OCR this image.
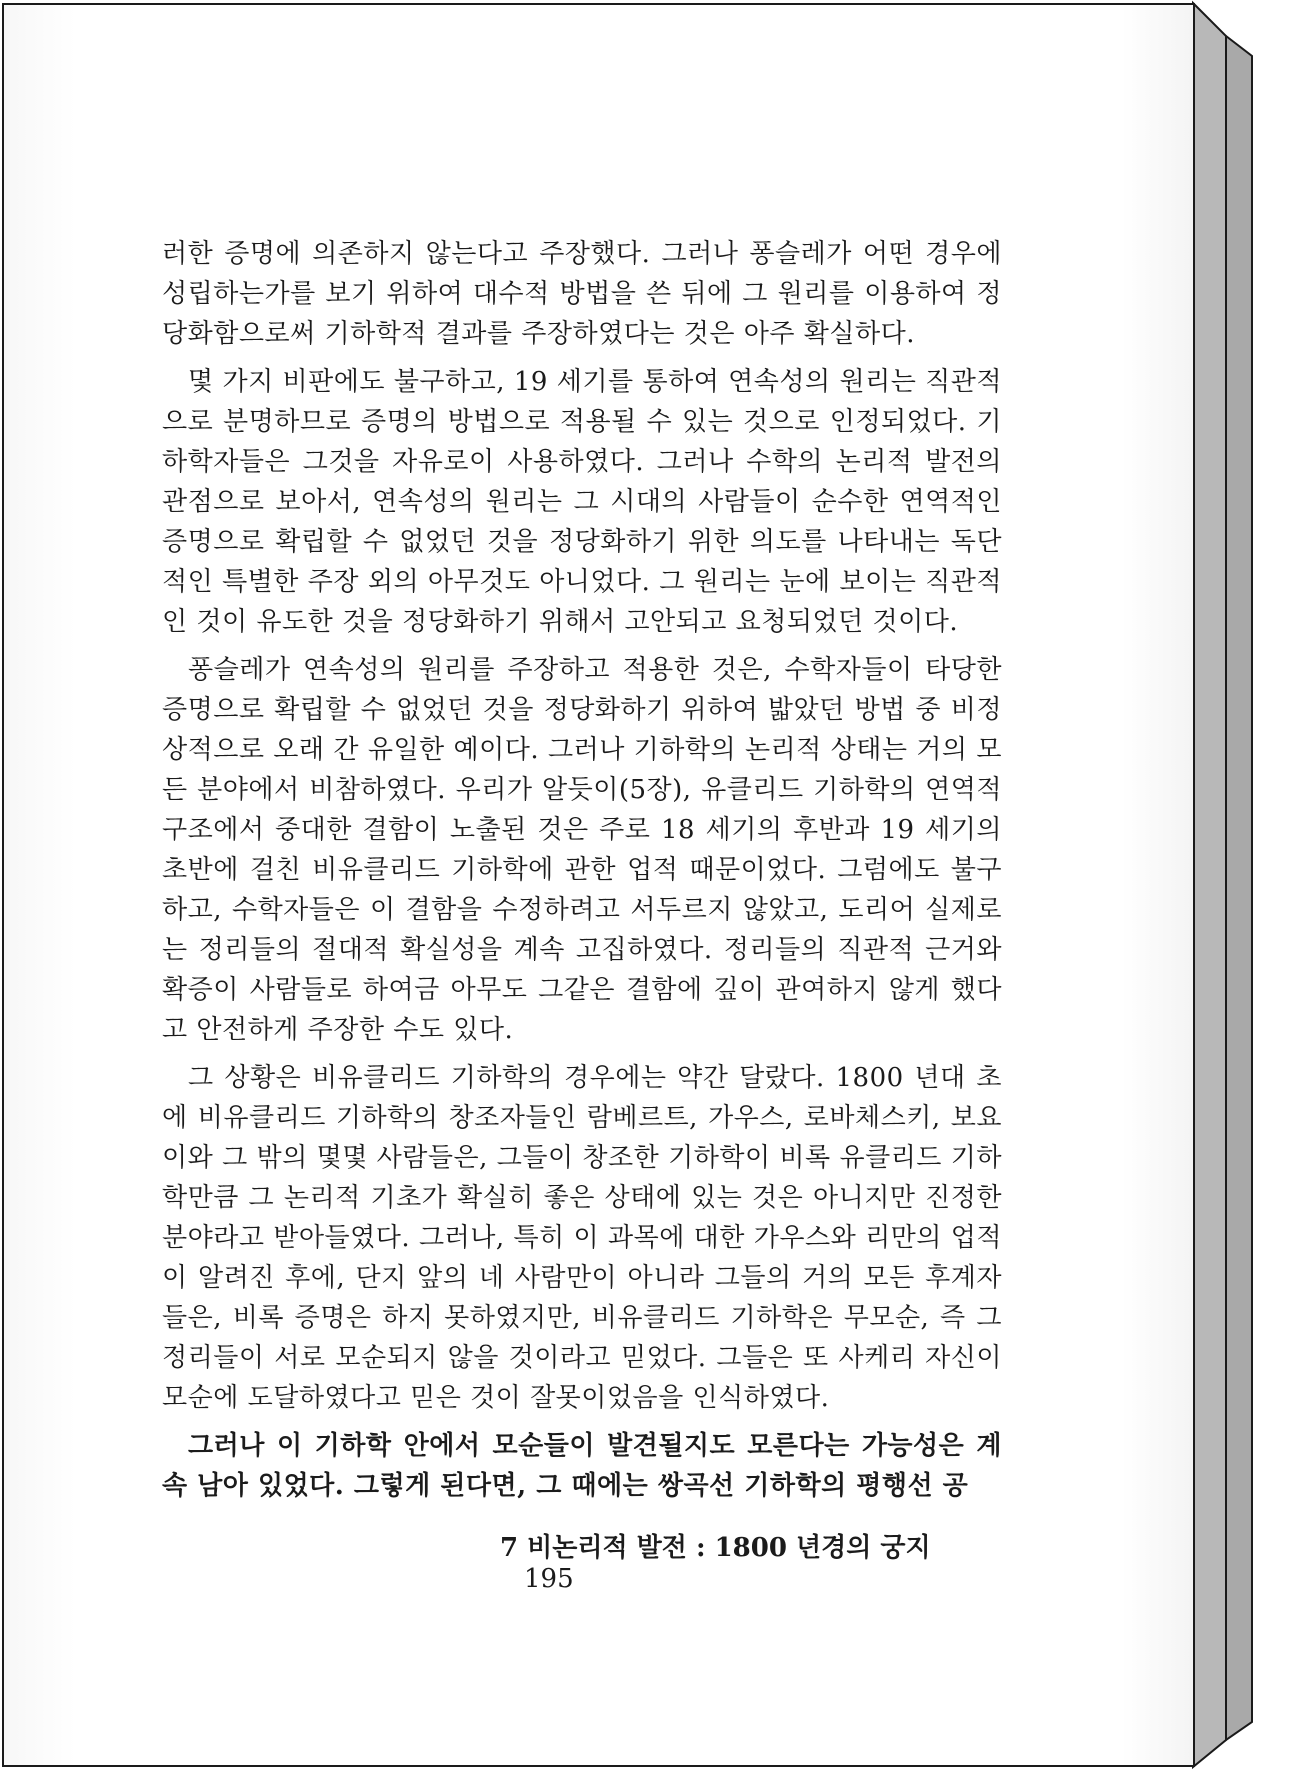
러한 증명에 의존하지 않는다고 주장했다. 그러나 퐁슬레가 어떤 경우에 성립하는가를 보기 위하여 대수적 방법을 쓴 뒤에 그 원리를 이용하여 정당화함으로써 기하학적 결과를 주장하였다는 것은 아주 확실하다.

몇 가지 비판에도 불구하고, 19 세기를 통하여 연속성의 원리는 직관적으로 분명하므로 증명의 방법으로 적용될 수 있는 것으로 인정되었다. 기하학자들은 그것을 자유로이 사용하였다. 그러나 수학의 논리적 발전의 관점으로 보아서, 연속성의 원리는 그 시대의 사람들이 순수한 연역적인 증명으로 확립할 수 없었던 것을 정당화하기 위한 의도를 나타내는 독단적인 특별한 주장 외의 아무것도 아니었다. 그 원리는 눈에 보이는 직관적인 것이 유도한 것을 정당화하기 위해서 고안되고 요청되었던 것이다.

퐁슬레가 연속성의 원리를 주장하고 적용한 것은, 수학자들이 타당한 증명으로 확립할 수 없었던 것을 정당화하기 위하여 밟았던 방법 중 비정상적으로 오래 간 유일한 예이다. 그러나 기하학의 논리적 상태는 거의 모든 분야에서 비참하였다. 우리가 알듯이(5장), 유클리드 기하학의 연역적 구조에서 중대한 결함이 노출된 것은 주로 18 세기의 후반과 19 세기의 초반에 걸친 비유클리드 기하학에 관한 업적 때문이었다. 그럼에도 불구하고, 수학자들은 이 결함을 수정하려고 서두르지 않았고, 도리어 실제로는 정리들의 절대적 확실성을 계속 고집하였다. 정리들의 직관적 근거와 확증이 사람들로 하여금 아무도 그같은 결함에 깊이 관여하지 않게 했다고 안전하게 주장한 수도 있다.

그 상황은 비유클리드 기하학의 경우에는 약간 달랐다. 1800 년대 초에 비유클리드 기하학의 창조자들인 람베르트, 가우스, 로바체스키, 보요이와 그 밖의 몇몇 사람들은, 그들이 창조한 기하학이 비록 유클리드 기하학만큼 그 논리적 기초가 확실히 좋은 상태에 있는 것은 아니지만 진정한 분야라고 받아들였다. 그러나, 특히 이 과목에 대한 가우스와 리만의 업적이 알려진 후에, 단지 앞의 네 사람만이 아니라 그들의 거의 모든 후계자들은, 비록 증명은 하지 못하였지만, 비유클리드 기하학은 무모순, 즉 그 정리들이 서로 모순되지 않을 것이라고 믿었다. 그들은 또 사케리 자신이 모순에 도달하였다고 믿은 것이 잘못이었음을 인식하였다.

그러나 이 기하학 안에서 모순들이 발견될지도 모른다는 가능성은 계속 남아 있었다. 그렇게 된다면, 그 때에는 쌍곡선 기하학의 평행선 공

7 비논리적 발전 : 1800 년경의 궁지195
